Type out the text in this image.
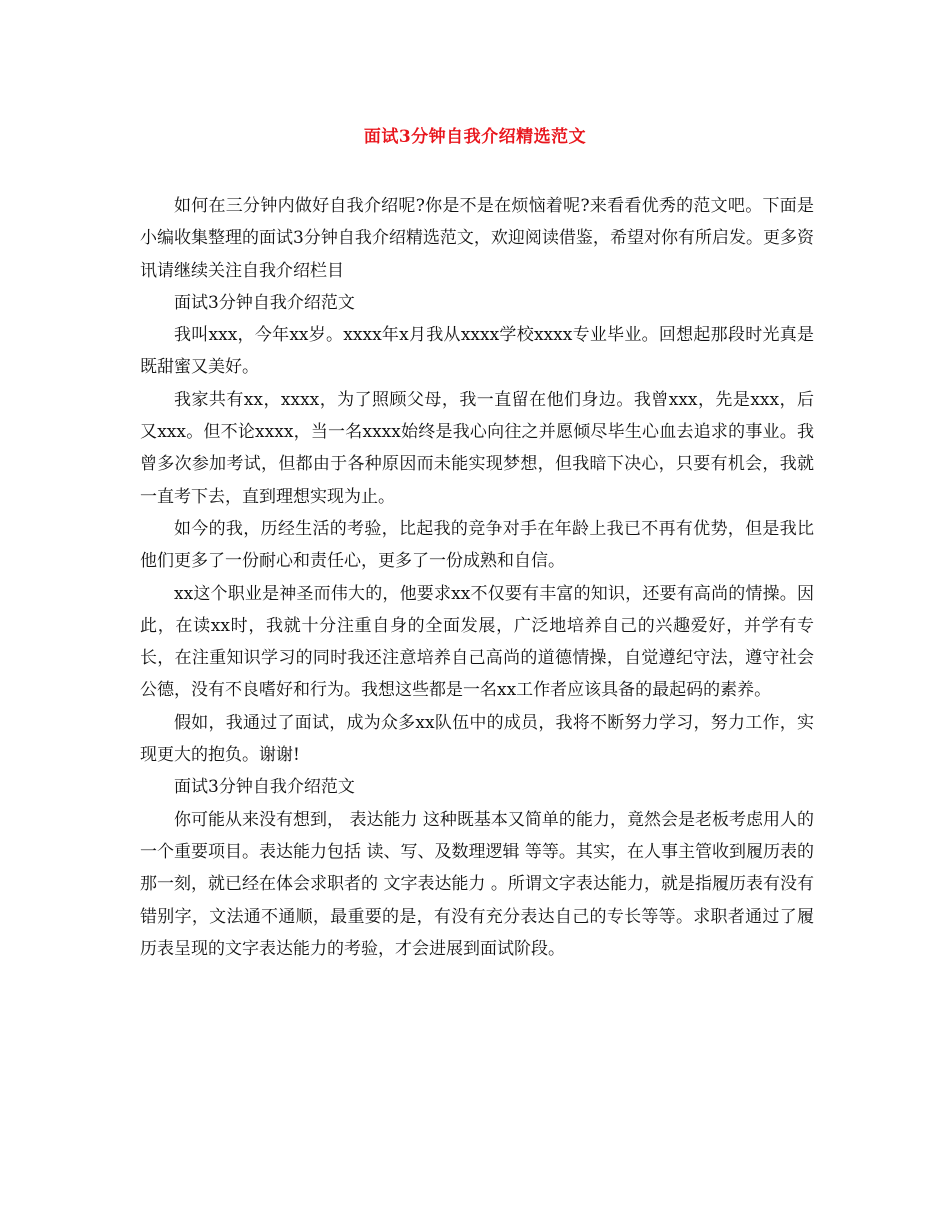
面试3分钟自我介绍精选范文

如何在三分钟内做好自我介绍呢?你是不是在烦恼着呢?来看看优秀的范文吧。下面是小编收集整理的面试3分钟自我介绍精选范文，欢迎阅读借鉴，希望对你有所启发。更多资讯请继续关注自我介绍栏目

面试3分钟自我介绍范文

我叫xxx，今年xx岁。xxxx年x月我从xxxx学校xxxx专业毕业。回想起那段时光真是既甜蜜又美好。

我家共有xx，xxxx，为了照顾父母，我一直留在他们身边。我曾xxx，先是xxx，后又xxx。但不论xxxx，当一名xxxx始终是我心向往之并愿倾尽毕生心血去追求的事业。我曾多次参加考试，但都由于各种原因而未能实现梦想，但我暗下决心，只要有机会，我就一直考下去，直到理想实现为止。

如今的我，历经生活的考验，比起我的竞争对手在年龄上我已不再有优势，但是我比他们更多了一份耐心和责任心，更多了一份成熟和自信。

xx这个职业是神圣而伟大的，他要求xx不仅要有丰富的知识，还要有高尚的情操。因此，在读xx时，我就十分注重自身的全面发展，广泛地培养自己的兴趣爱好，并学有专长，在注重知识学习的同时我还注意培养自己高尚的道德情操，自觉遵纪守法，遵守社会公德，没有不良嗜好和行为。我想这些都是一名xx工作者应该具备的最起码的素养。

假如，我通过了面试，成为众多xx队伍中的成员，我将不断努力学习，努力工作，实现更大的抱负。谢谢!

面试3分钟自我介绍范文

你可能从来没有想到， 表达能力 这种既基本又简单的能力，竟然会是老板考虑用人的一个重要项目。表达能力包括 读、写、及数理逻辑 等等。其实，在人事主管收到履历表的那一刻，就已经在体会求职者的 文字表达能力 。所谓文字表达能力，就是指履历表有没有错别字，文法通不通顺，最重要的是，有没有充分表达自己的专长等等。求职者通过了履历表呈现的文字表达能力的考验，才会进展到面试阶段。
